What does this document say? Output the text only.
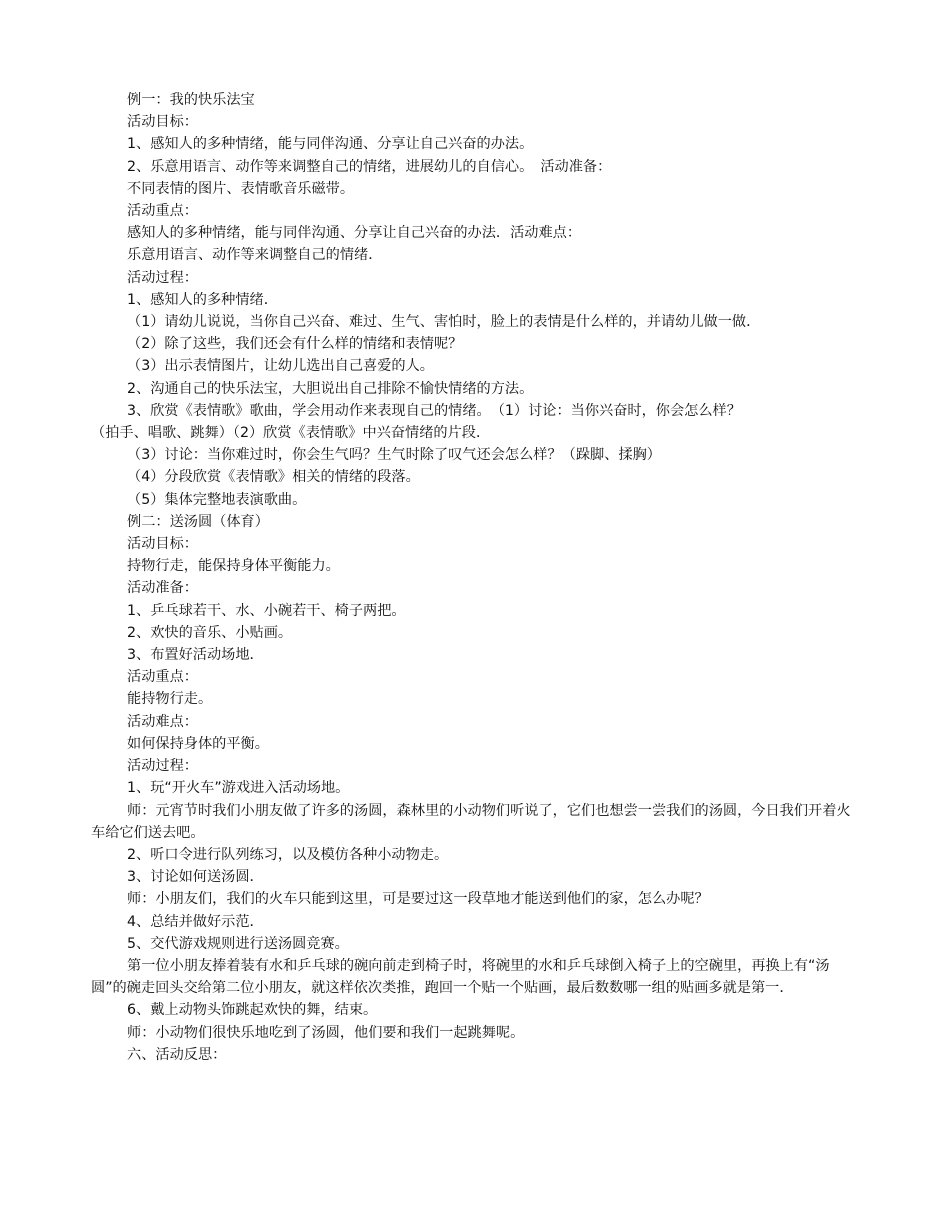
例一：我的快乐法宝

活动目标：

1、感知人的多种情绪，能与同伴沟通、分享让自己兴奋的办法。

2、乐意用语言、动作等来调整自己的情绪，进展幼儿的自信心。　活动准备：

不同表情的图片、表情歌音乐磁带。

活动重点：

感知人的多种情绪，能与同伴沟通、分享让自己兴奋的办法．活动难点：

乐意用语言、动作等来调整自己的情绪．

活动过程：

1、感知人的多种情绪．

（1）请幼儿说说，当你自己兴奋、难过、生气、害怕时，脸上的表情是什么样的，并请幼儿做一做．

（2）除了这些，我们还会有什么样的情绪和表情呢？

（3）出示表情图片，让幼儿选出自己喜爱的人。

2、沟通自己的快乐法宝，大胆说出自己排除不愉快情绪的方法。

3、欣赏《表情歌》歌曲，学会用动作来表现自己的情绪。　（1）讨论：当你兴奋时，你会怎么样？

（拍手、唱歌、跳舞）（2）欣赏《表情歌》中兴奋情绪的片段．

（3）讨论：当你难过时，你会生气吗？生气时除了叹气还会怎么样？（跺脚、揉胸）

（4）分段欣赏《表情歌》相关的情绪的段落。

（5）集体完整地表演歌曲。

例二：送汤圆（体育）

活动目标：

持物行走，能保持身体平衡能力。

活动准备：

1、乒乓球若干、水、小碗若干、椅子两把。

2、欢快的音乐、小贴画。

3、布置好活动场地．

活动重点：

能持物行走。

活动难点：

如何保持身体的平衡。

活动过程：

1、玩“开火车”游戏进入活动场地。

师：元宵节时我们小朋友做了许多的汤圆，森林里的小动物们听说了，它们也想尝一尝我们的汤圆，今日我们开着火车给它们送去吧。

2、听口令进行队列练习，以及模仿各种小动物走。

3、讨论如何送汤圆．

师：小朋友们，我们的火车只能到这里，可是要过这一段草地才能送到他们的家，怎么办呢？

4、总结并做好示范．

5、交代游戏规则进行送汤圆竞赛。

第一位小朋友捧着装有水和乒乓球的碗向前走到椅子时，将碗里的水和乒乓球倒入椅子上的空碗里，再换上有“汤圆”的碗走回头交给第二位小朋友，就这样依次类推，跑回一个贴一个贴画，最后数数哪一组的贴画多就是第一．

6、戴上动物头饰跳起欢快的舞，结束。

师：小动物们很快乐地吃到了汤圆，他们要和我们一起跳舞呢。

六、活动反思：
